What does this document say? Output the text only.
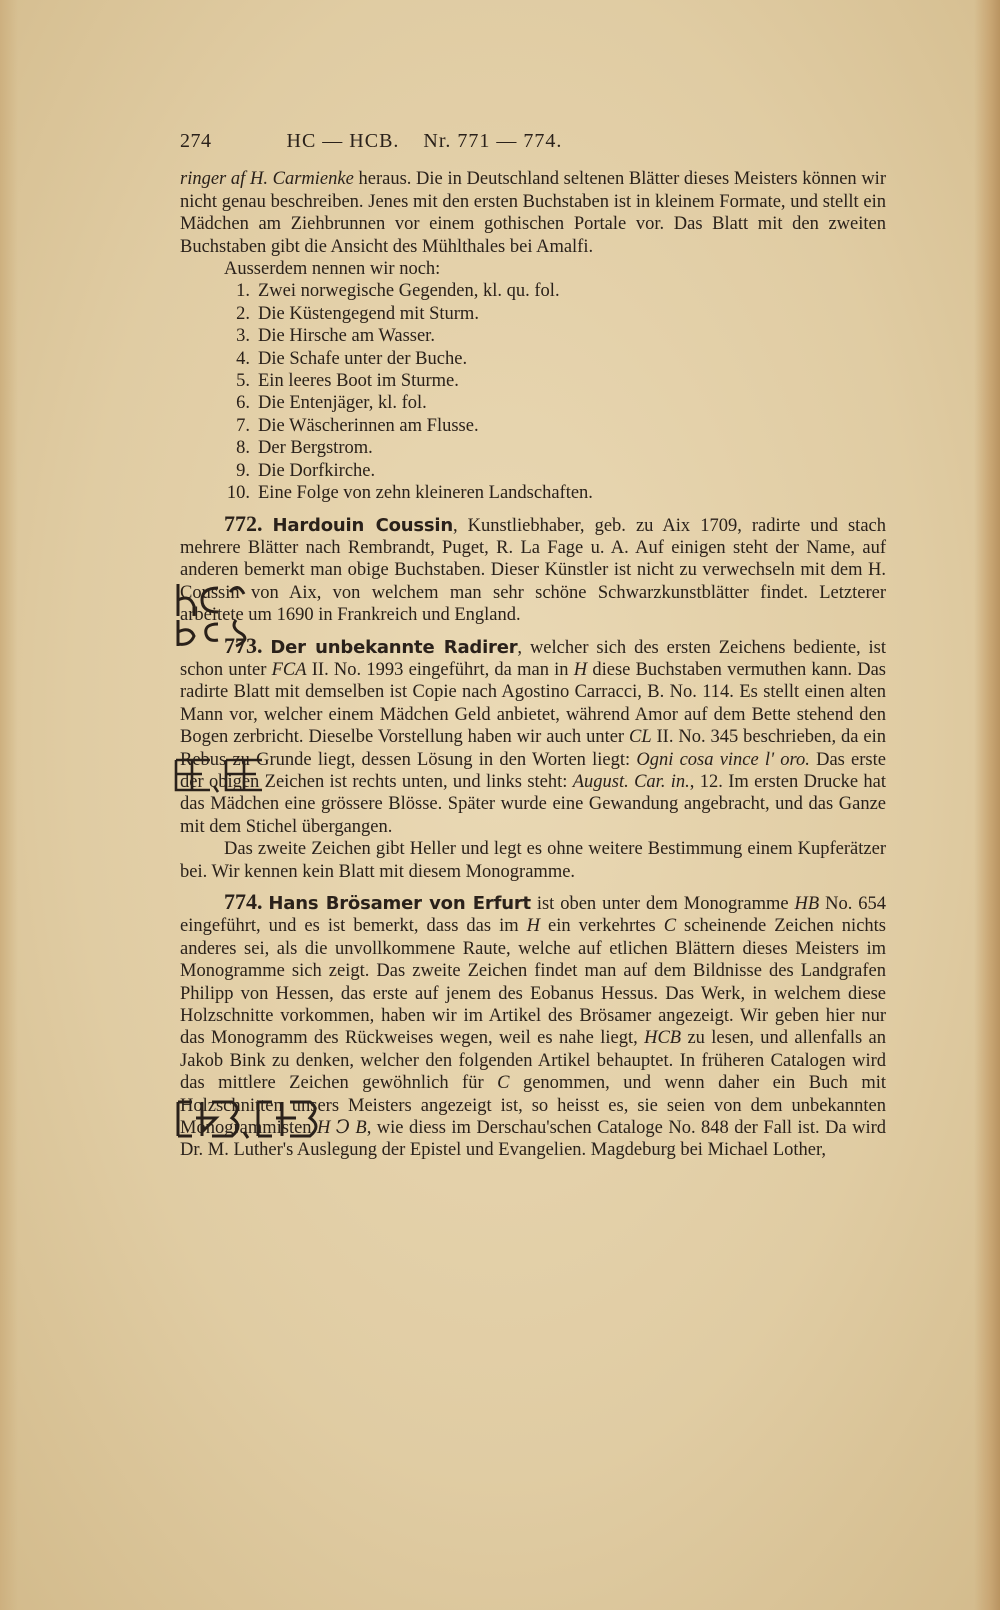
274	HC — HCB. Nr. 771 — 774.

ringer af H. Carmienke heraus. Die in Deutschland seltenen Blätter dieses Meisters können wir nicht genau beschreiben. Jenes mit den ersten Buchstaben ist in kleinem Formate, und stellt ein Mädchen am Ziehbrunnen vor einem gothischen Portale vor. Das Blatt mit den zweiten Buchstaben gibt die Ansicht des Mühlthales bei Amalfi.

Ausserdem nennen wir noch:

1. Zwei norwegische Gegenden, kl. qu. fol.
2. Die Küstengegend mit Sturm.
3. Die Hirsche am Wasser.
4. Die Schafe unter der Buche.
5. Ein leeres Boot im Sturme.
6. Die Entenjäger, kl. fol.
7. Die Wäscherinnen am Flusse.
8. Der Bergstrom.
9. Die Dorfkirche.
10. Eine Folge von zehn kleineren Landschaften.
772. Hardouin Coussin, Kunstliebhaber, geb. zu Aix 1709, radirte und stach mehrere Blätter nach Rembrandt, Puget, R. La Fage u. A. Auf einigen steht der Name, auf anderen bemerkt man obige Buchstaben. Dieser Künstler ist nicht zu verwechseln mit dem H. Coussin von Aix, von welchem man sehr schöne Schwarzkunstblätter findet. Letzterer arbeitete um 1690 in Frankreich und England.

773. Der unbekannte Radirer, welcher sich des ersten Zeichens bediente, ist schon unter FCA II. No. 1993 eingeführt, da man in H diese Buchstaben vermuthen kann. Das radirte Blatt mit demselben ist Copie nach Agostino Carracci, B. No. 114. Es stellt einen alten Mann vor, welcher einem Mädchen Geld anbietet, während Amor auf dem Bette stehend den Bogen zerbricht. Dieselbe Vorstellung haben wir auch unter CL II. No. 345 beschrieben, da ein Rebus zu Grunde liegt, dessen Lösung in den Worten liegt: Ogni cosa vince l' oro. Das erste der obigen Zeichen ist rechts unten, und links steht: August. Car. in., 12. Im ersten Drucke hat das Mädchen eine grössere Blösse. Später wurde eine Gewandung angebracht, und das Ganze mit dem Stichel übergangen.

Das zweite Zeichen gibt Heller und legt es ohne weitere Bestimmung einem Kupferätzer bei. Wir kennen kein Blatt mit diesem Monogramme.

774. Hans Brösamer von Erfurt ist oben unter dem Monogramme HB No. 654 eingeführt, und es ist bemerkt, dass das im H ein verkehrtes C scheinende Zeichen nichts anderes sei, als die unvollkommene Raute, welche auf etlichen Blättern dieses Meisters im Monogramme sich zeigt. Das zweite Zeichen findet man auf dem Bildnisse des Landgrafen Philipp von Hessen, das erste auf jenem des Eobanus Hessus. Das Werk, in welchem diese Holzschnitte vorkommen, haben wir im Artikel des Brösamer angezeigt. Wir geben hier nur das Monogramm des Rückweises wegen, weil es nahe liegt, HCB zu lesen, und allenfalls an Jakob Bink zu denken, welcher den folgenden Artikel behauptet. In früheren Catalogen wird das mittlere Zeichen gewöhnlich für C genommen, und wenn daher ein Buch mit Holzschnitten unsers Meisters angezeigt ist, so heisst es, sie seien von dem unbekannten Monogrammisten H Ↄ B, wie diess im Derschau'schen Cataloge No. 848 der Fall ist. Da wird Dr. M. Luther's Auslegung der Epistel und Evangelien. Magdeburg bei Michael Lother,
